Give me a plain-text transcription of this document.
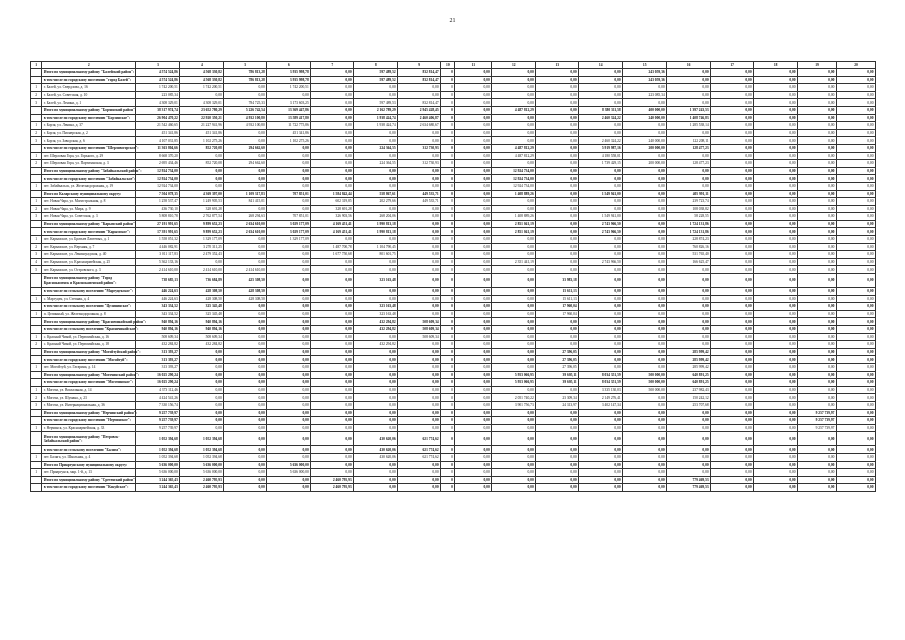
21
1	2	3	4	5	6	7	8	9	10	11	12	13	14	15	16	17	18	19	20
	Итого по муниципальному району "Балейский район":	4 574 524,86	4 568 330,82	786 813,28	3 935 998,78	0,00	597 489,52	832 814,47	0	0,00	0,00	0,00	0,00	243 059,36	0,00	0,00	0,00	0,00	0,00
	в том числе по городскому поселению "город Балей":	4 574 524,86	4 568 330,82	786 813,28	3 935 998,78	0,00	597 489,52	832 814,47	0	0,00	0,00	0,00	0,00	243 059,36	0,00	0,00	0,00	0,00	0,00
1	г. Балей, ул. Свердлова, д. 16	1 742 200,51	1 742 200,51	0,00	1 742 200,51	0,00	0,00	0,00	0	0,00	0,00	0,00	0,00	0,00	0,00	0,00	0,00	0,00	0,00
2	г. Балей, ул. Советская, д. 10	223 085,34	0,00	0,00	0,00	0,00	0,00	0,00	0	0,00	0,00	0,00	0,00	223 085,34	0,00	0,00	0,00	0,00	0,00
3	г. Балей, ул. Ленина, д. 1	4 308 329,01	4 308 329,01	784 725,33	3 173 603,25	0,00	597 489,53	832 814,47	0	0,00	0,00	0,00	0,00	0,00	0,00	0,00	0,00	0,00	0,00
	Итого по муниципальному району "Борзинский район":	38 317 974,74	23 652 780,29	5 226 742,54	13 369 447,86	0,00	2 162 789,29	2 945 428,45	0	0,00	4 487 812,29	0,00	8 380 311,58	400 000,00	1 397 243,53	0,00	0,00	0,00	0,00
	в том числе по городскому поселению "Борзинское":	26 904 470,22	22 920 350,21	4 932 100,80	13 589 417,80	0,00	1 938 424,74	2 460 406,87	0	0,00	0,00	0,00	2 460 324,22	240 000,00	1 408 746,83	0,00	0,00	0,00	0,00
1	г. Борзя, ул. Ленина, д. 37	21 542 460,65	21 227 941,96	4 932 100,80	11 722 775,86	0,00	1 938 424,74	2 634 680,67	0	0,00	0,00	0,00	0,00	0,00	1 285 538,14	0,00	0,00	0,00	0,00
2	г. Борзя, ул. Пионерская, д. 2	451 341,86	451 341,86	0,00	451 341,86	0,00	0,00	0,00	0	0,00	0,00	0,00	0,00	0,00	0,00	0,00	0,00	0,00	0,00
3	г. Борзя, ул. Заводская, д. 6	4 107 031,85	1 102 275,26	0,00	1 102 275,26	0,00	0,00	0,00	0	0,00	0,00	0,00	2 460 324,22	240 000,00	122 208,11	0,00	0,00	0,00	0,00
	в том числе по городскому поселению "Шерловогорское":	11 363 804,66	852 720,08	294 662,60	0,00	0,00	224 364,55	312 730,93	0	0,00	4 487 812,29	0,00	5 919 987,16	200 000,00	128 477,23	0,00	0,00	0,00	0,00
1	пгт. Шерловая Гора, ул. Горького, д. 29	8 668 370,20	0,00	0,00	0,00	0,00	0,00	0,00	0	0,00	4 487 812,29	0,00	4 180 558,01	0,00	0,00	0,00	0,00	0,00	0,00
2	пгт. Шерловая Гора, ул. Партизанская, д. 3	2 695 434,46	852 720,08	294 662,60	0,00	0,00	224 364,55	312 730,93	0	0,00	0,00	0,00	1 739 429,15	200 000,00	128 477,23	0,00	0,00	0,00	0,00
	Итого по муниципальному району "Забайкальский район":	12 924 734,00	0,00	0,00	0,00	0,00	0,00	0,00	0	0,00	12 924 734,00	0,00	0,00	0,00	0,00	0,00	0,00	0,00	0,00
	в том числе по городскому поселению "Забайкальское":	12 924 734,00	0,00	0,00	0,00	0,00	0,00	0,00	0	0,00	12 924 734,00	0,00	0,00	0,00	0,00	0,00	0,00	0,00	0,00
1	пгт. Забайкальск, ул. Железнодорожная, д. 19	12 924 734,00	0,00	0,00	0,00	0,00	0,00	0,00	0	0,00	12 924 734,00	0,00	0,00	0,00	0,00	0,00	0,00	0,00	0,00
	Итого по Каларскому муниципальному округу:	7 504 078,35	4 369 397,00	1 109 317,83	707 851,01	1 584 842,44	558 867,61	449 535,71	0	0,00	1 408 889,26	0,00	1 549 941,00	0,00	405 991,11	0,00	0,00	0,00	0,00
1	пгт. Новая Чара, ул. Магистральная, д. 8	1 258 537,47	1 249 905,53	841 415,01	0,00	602 319,85	202 279,66	449 535,71	0	0,00	0,00	0,00	0,00	0,00	239 723,74	0,00	0,00	0,00	0,00
2	пгт. Новая Чара, ул. Мира, д. 9	436 730,10	328 691,28	0,00	0,00	328 691,28	0,00	0,00	0	0,00	0,00	0,00	0,00	0,00	108 038,82	0,00	0,00	0,00	0,00
3	пгт. Новая Чара, ул. Советская, д. 3	5 808 810,78	2 762 877,54	268 294,63	707 851,01	326 903,56	268 204,06	0,00	0	0,00	1 408 889,26	0,00	1 549 941,00	0,00	58 228,55	0,00	0,00	0,00	0,00
	Итого по муниципальному району "Карымский район":	27 191 991,65	9 899 652,23	2 634 610,00	3 029 177,09	4 169 451,41	1 990 813,18	0,00	0	0,00	2 851 041,19	0,00	2 743 966,50	0,00	1 724 131,86	0,00	0,00	0,00	0,00
	в том числе по городскому поселению "Карымское":	17 391 991,65	9 899 652,23	2 634 610,00	3 029 177,09	4 169 451,41	1 990 813,18	0,00	0	0,00	2 851 041,19	0,00	2 743 966,50	0,00	1 724 131,86	0,00	0,00	0,00	0,00
1	пгт. Карымское, ул. Братьев Лаптевых, д. 1	1 558 051,32	1 329 177,09	0,00	1 329 177,09	0,00	0,00	0,00	0	0,00	0,00	0,00	0,00	0,00	228 874,23	0,00	0,00	0,00	0,00
2	пгт. Карымское, ул. Верхняя, д. 7	4 446 082,91	3 270 311,25	0,00	0,00	1 487 700,78	1 104 790,45	0,00	0	0,00	0,00	0,00	0,00	0,00	760 826,16	0,00	0,00	0,00	0,00
3	пгт. Карымское, ул. Ленинградская, д. 40	3 011 117,83	2 479 352,43	0,00	0,00	1 677 750,68	801 601,75	0,00	0	0,00	0,00	0,00	0,00	0,00	531 765,40	0,00	0,00	0,00	0,00
4	пгт. Карымское, ул. Красноармейская, д. 25	5 362 133,16	0,00	0,00	0,00	0,00	0,00	0,00	0	0,00	2 351 441,19	0,00	2 743 966,50	0,00	166 625,47	0,00	0,00	0,00	0,00
5	пгт. Карымское, ул. Островского, д. 3	2 414 610,00	2 414 610,00	2 414 610,00	0,00	0,00	0,00	0,00	0	0,00	0,00	0,00	0,00	0,00	0,00	0,00	0,00	0,00	0,00
	Итого по муниципальному району "Город Краснокаменск и Краснокаменский район":	738 685,13	736 684,89	425 308,50	0,00	0,00	323 163,48	0,00	0	0,00	0,00	33 983,18	0,00	0,00	0,00	0,00	0,00	0,00	0,00
	в том числе по сельскому поселению "Маргуцекское":	446 224,63	428 308,50	428 308,50	0,00	0,00	0,00	0,00	0	0,00	0,00	15 611,13	0,00	0,00	0,00	0,00	0,00	0,00	0,00
1	с. Маргуцек, ул. Степная, д. 4	446 224,63	428 308,50	428 308,50	0,00	0,00	0,00	0,00	0	0,00	0,00	15 611,13	0,00	0,00	0,00	0,00	0,00	0,00	0,00
	в том числе по сельскому поселению "Целининское":	343 334,52	325 345,48	0,00	0,00	0,00	323 163,48	0,00	0	0,00	0,00	17 960,04	0,00	0,00	0,00	0,00	0,00	0,00	0,00
1	п. Целинный, ул. Железнодорожная, д. 8	343 334,52	325 345,48	0,00	0,00	0,00	323 163,48	0,00	0	0,00	0,00	17 960,04	0,00	0,00	0,00	0,00	0,00	0,00	0,00
	Итого по муниципальному району "Красночикойский район":	940 894,16	940 894,16	0,00	0,00	0,00	432 294,82	508 609,34	0	0,00	0,00	0,00	0,00	0,00	0,00	0,00	0,00	0,00	0,00
	в том числе по сельскому поселению "Красночикойское":	940 894,16	940 894,16	0,00	0,00	0,00	432 294,82	508 609,34	0	0,00	0,00	0,00	0,00	0,00	0,00	0,00	0,00	0,00	0,00
1	с. Красный Чикой, ул. Первомайская, д. 16	508 609,34	508 609,34	0,00	0,00	0,00	0,00	508 609,34	0	0,00	0,00	0,00	0,00	0,00	0,00	0,00	0,00	0,00	0,00
2	с. Красный Чикой, ул. Первомайская, д. 18	432 284,82	432 284,82	0,00	0,00	0,00	432 294,82	0,00	0	0,00	0,00	0,00	0,00	0,00	0,00	0,00	0,00	0,00	0,00
	Итого по муниципальному району "Могойтуйский район":	313 393,27	0,00	0,00	0,00	0,00	0,00	0,00	0	0,00	0,00	27 396,05	0,00	0,00	285 999,42	0,00	0,00	0,00	0,00
	в том числе по городскому поселению "Могойтуй":	313 393,27	0,00	0,00	0,00	0,00	0,00	0,00	0	0,00	0,00	27 396,05	0,00	0,00	285 999,42	0,00	0,00	0,00	0,00
1	пгт. Могойтуй, ул. Гагарина, д. 14	313 393,27	0,00	0,00	0,00	0,00	0,00	0,00	0	0,00	0,00	27 396,05	0,00	0,00	285 999,42	0,00	0,00	0,00	0,00
	Итого по муниципальному району "Могочинский район":	16 025 290,24	0,00	0,00	0,00	0,00	0,00	0,00	0	0,00	5 953 066,95	39 605,11	8 034 351,59	500 000,00	640 891,25	0,00	0,00	0,00	0,00
	в том числе по городскому поселению "Могочинское":	16 025 290,24	0,00	0,00	0,00	0,00	0,00	0,00	0	0,00	5 953 066,95	39 605,11	8 034 351,59	500 000,00	640 891,25	0,00	0,00	0,00	0,00
1	г. Могоча, ул. Вокзальная, д. 14	4 373 112,46	0,00	0,00	0,00	0,00	0,00	0,00	0	0,00	0,00	0,00	3 335 130,03	500 000,00	237 982,43	0,00	0,00	0,00	0,00
2	г. Могоча, ул. Шумана, д. 23	4 424 541,26	0,00	0,00	0,00	0,00	0,00	0,00	0	0,00	2 051 740,22	23 309,34	2 149 276,41	0,00	150 242,12	0,00	0,00	0,00	0,00
3	г. Могоча, ул. Интернациональная, д. 36	7 330 156,74	0,00	0,00	0,00	0,00	0,00	0,00	0	0,00	3 901 756,73	24 313,97	3 402 147,34	0,00	253 707,68	0,00	0,00	0,00	0,00
	Итого по муниципальному району "Нерчинский район":	9 257 739,97	0,00	0,00	0,00	0,00	0,00	0,00	0	0,00	0,00	0,00	0,00	0,00	0,00	0,00	0,00	9 257 739,97	0,00
	в том числе по городскому поселению "Нерчинское":	9 257 739,97	0,00	0,00	0,00	0,00	0,00	0,00	0	0,00	0,00	0,00	0,00	0,00	0,00	0,00	0,00	9 257 739,97	0,00
1	г. Нерчинск, ул. Красноармейская, д. 33	9 257 739,97	0,00	0,00	0,00	0,00	0,00	0,00	0	0,00	0,00	0,00	0,00	0,00	0,00	0,00	0,00	9 257 739,97	0,00
	Итого по муниципальному району "Петровск-Забайкальский район":	1 052 394,68	1 052 394,68	0,00	0,00	0,00	430 620,06	621 774,62	0	0,00	0,00	0,00	0,00	0,00	0,00	0,00	0,00	0,00	0,00
	в том числе по сельскому поселению "Баляга":	1 052 394,68	1 052 394,68	0,00	0,00	0,00	430 620,06	621 774,62	0	0,00	0,00	0,00	0,00	0,00	0,00	0,00	0,00	0,00	0,00
1	пгт. Баляга, ул. Школьная, д. 4	1 052 394,68	1 052 394,68	0,00	0,00	0,00	430 620,06	621 774,62	0	0,00	0,00	0,00	0,00	0,00	0,00	0,00	0,00	0,00	0,00
	Итого по Приаргунскому муниципальному округу:	5 636 000,00	5 636 000,00	0,00	5 636 000,00	0,00	0,00	0,00	0	0,00	0,00	0,00	0,00	0,00	0,00	0,00	0,00	0,00	0,00
1	пгт. Приаргунск, мкр. 1-й, д. 13	5 636 000,00	5 636 000,00	0,00	5 636 000,00	0,00	0,00	0,00	0	0,00	0,00	0,00	0,00	0,00	0,00	0,00	0,00	0,00	0,00
	Итого по муниципальному району "Сретенский район":	3 244 365,43	2 460 795,93	0,00	0,00	2 460 795,93	0,00	0,00	0	0,00	0,00	0,00	0,00	0,00	779 469,53	0,00	0,00	0,00	0,00
	в том числе по городскому поселению "Кокуйское":	3 244 365,43	2 460 795,93	0,00	0,00	2 460 795,93	0,00	0,00	0	0,00	0,00	0,00	0,00	0,00	779 469,53	0,00	0,00	0,00	0,00
